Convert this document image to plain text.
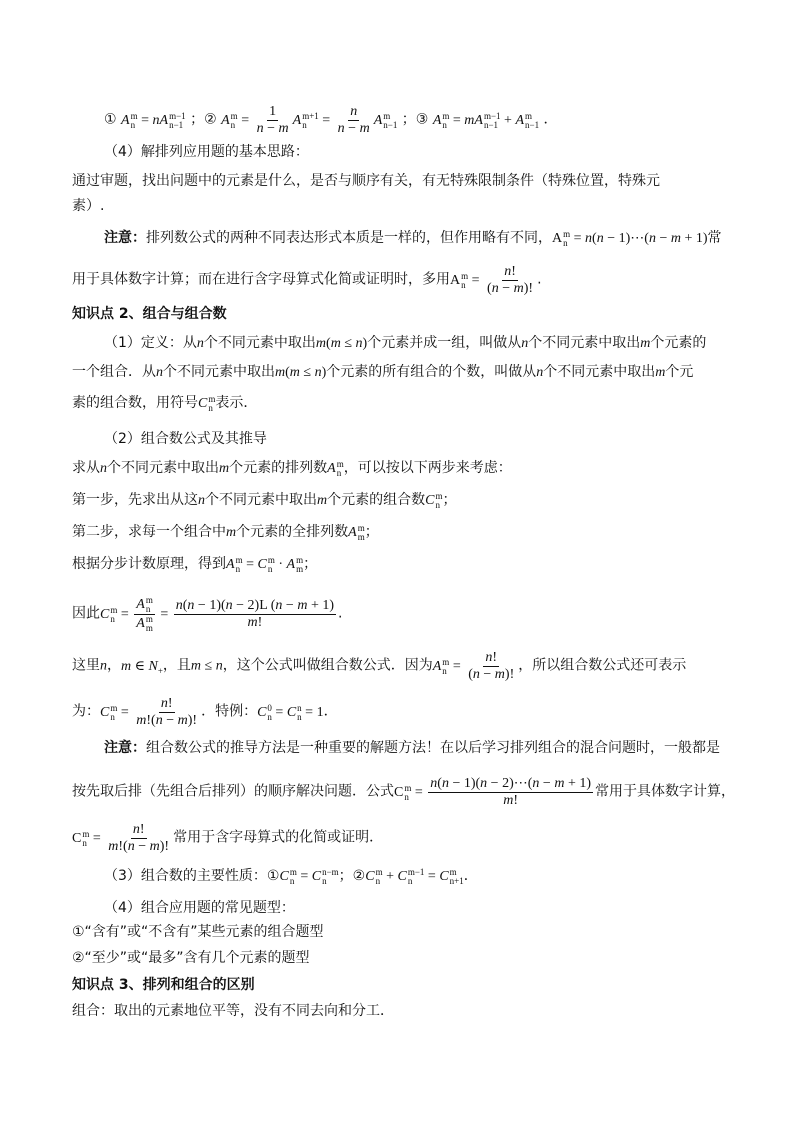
① A m
n = nA m−1
n−1 ；② A m
$n = \frac{1}{n - m}$ A m+1
$n = \frac{n}{n - m}$ A m
n−1 ；③ A m
n = mA m−1
n−1 + A m
n−1 ．
（4）解排列应用题的基本思路：
通过审题，找出问题中的元素是什么，是否与顺序有关，有无特殊限制条件（特殊位置，特殊元
素）.
注意：排列数公式的两种不同表达形式本质是一样的，但作用略有不同，A m
n = n(n − 1)⋯(n − m + 1)常
用于具体数字计算；而在进行含字母算式化简或证明时，多用A m
$n = \frac{n!}{(n - m)!}$ .
知识点 2、组合与组合数
（1）定义：从n个不同元素中取出m(m ≤ n)个元素并成一组，叫做从n个不同元素中取出m个元素的
一个组合．从n个不同元素中取出m(m ≤ n)个元素的所有组合的个数，叫做从n个不同元素中取出m个元
素的组合数，用符号C m
n 表示．
（2）组合数公式及其推导
求从n个不同元素中取出m个元素的排列数A m
n ，可以按以下两步来考虑：
第一步，先求出从这n个不同元素中取出m个元素的组合数C m
n ；
第二步，求每一个组合中m个元素的全排列数A m
m ；
根据分步计数原理，得到A m
n = C m
n · A m
m ；
因此C m
n = A m
n
A m
$m = \frac{n(n - 1)(n - 2)L (n - m + 1)}{m!}$ .
这里n，m ∈ $N_+$，且m ≤ n，这个公式叫做组合数公式．因为A m
$n = \frac{n!}{(n - m)!}$ ，所以组合数公式还可表示
为：C m
$n = \frac{n!}{m!(n - m)!}$ ．特例：C 0
n = C n
n = 1．
注意：组合数公式的推导方法是一种重要的解题方法！在以后学习排列组合的混合问题时，一般都是
按先取后排（先组合后排列）的顺序解决问题．公式C m
$n = \frac{n(n - 1)(n - 2)\cdots(n - m + 1)}{m!}$ 常用于具体数字计算，
C m
$n = \frac{n!}{m!(n - m)!}$ 常用于含字母算式的化简或证明．
（3）组合数的主要性质：①C m
n = C n−m
n ；②C m
n + C m−1
n = C m
n+1 ．
（4）组合应用题的常见题型：
①“含有”或“不含有”某些元素的组合题型
②“至少”或“最多”含有几个元素的题型
知识点 3、排列和组合的区别
组合：取出的元素地位平等，没有不同去向和分工．
